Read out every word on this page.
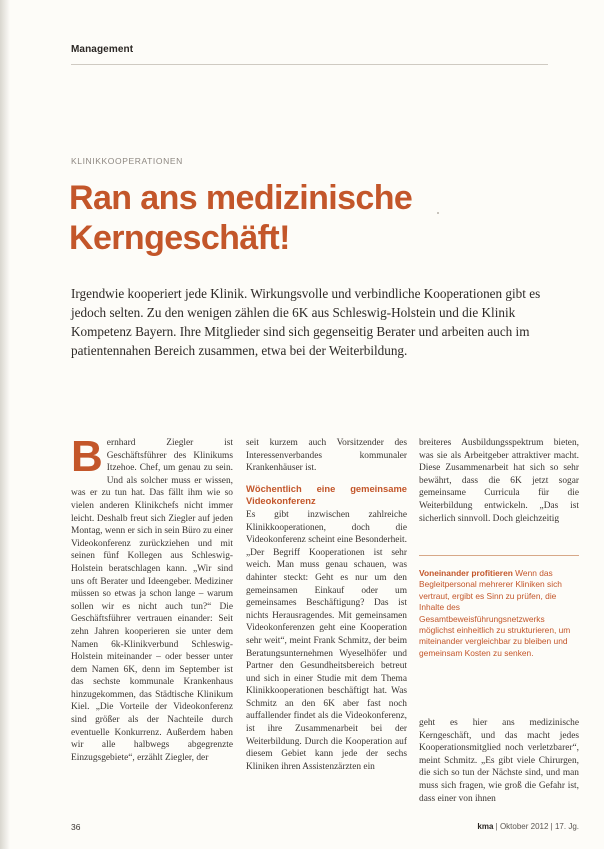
Management
KLINIKKOOPERATIONEN
Ran ans medizinische Kerngeschäft!

Irgendwie kooperiert jede Klinik. Wirkungsvolle und verbindliche Kooperationen gibt es jedoch selten. Zu den wenigen zählen die 6K aus Schleswig-Holstein und die Klinik Kompetenz Bayern. Ihre Mitglieder sind sich gegenseitig Berater und arbeiten auch im patientennahen Bereich zusammen, etwa bei der Weiterbildung.

B ernhard Ziegler ist Geschäftsführer des Klinikums Itzehoe. Chef, um genau zu sein. Und als solcher muss er wissen, was er zu tun hat. Das fällt ihm wie so vielen anderen Klinikchefs nicht immer leicht. Deshalb freut sich Ziegler auf jeden Montag, wenn er sich in sein Büro zu einer Videokonferenz zurückziehen und mit seinen fünf Kollegen aus Schleswig-Holstein beratschlagen kann. „Wir sind uns oft Berater und Ideengeber. Mediziner müssen so etwas ja schon lange – warum sollen wir es nicht auch tun?“ Die Geschäftsführer vertrauen einander: Seit zehn Jahren kooperieren sie unter dem Namen 6k-Klinikverbund Schleswig-Holstein miteinander – oder besser unter dem Namen 6K, denn im September ist das sechste kommunale Krankenhaus hinzugekommen, das Städtische Klinikum Kiel. „Die Vorteile der Videokonferenz sind größer als der Nachteile durch eventuelle Konkurrenz. Außerdem haben wir alle halbwegs abgegrenzte Einzugsgebiete“, erzählt Ziegler, der

seit kurzem auch Vorsitzender des Interessenverbandes kommunaler Krankenhäuser ist.

Wöchentlich eine gemeinsame Videokonferenz

Es gibt inzwischen zahlreiche Klinikkooperationen, doch die Videokonferenz scheint eine Besonderheit. „Der Begriff Kooperationen ist sehr weich. Man muss genau schauen, was dahinter steckt: Geht es nur um den gemeinsamen Einkauf oder um gemeinsames Beschäftigung? Das ist nichts Herausragendes. Mit gemeinsamen Videokonferenzen geht eine Kooperation sehr weit“, meint Frank Schmitz, der beim Beratungsunternehmen Wyeselhöfer und Partner den Gesundheitsbereich betreut und sich in einer Studie mit dem Thema Klinikkooperationen beschäftigt hat. Was Schmitz an den 6K aber fast noch auffallender findet als die Videokonferenz, ist ihre Zusammenarbeit bei der Weiterbildung. Durch die Kooperation auf diesem Gebiet kann jede der sechs Kliniken ihren Assistenzärzten ein

breiteres Ausbildungsspektrum bieten, was sie als Arbeitgeber attraktiver macht. Diese Zusammenarbeit hat sich so sehr bewährt, dass die 6K jetzt sogar gemeinsame Curricula für die Weiterbildung entwickeln. „Das ist sicherlich sinnvoll. Doch gleichzeitig
Voneinander profitieren Wenn das Begleitpersonal mehrerer Kliniken sich vertraut, ergibt es Sinn zu prüfen, die Inhalte des Gesamtbeweisführungsnetzwerks möglichst einheitlich zu strukturieren, um miteinander vergleichbar zu bleiben und gemeinsam Kosten zu senken.
geht es hier ans medizinische Kerngeschäft, und das macht jedes Kooperationsmitglied noch verletzbarer“, meint Schmitz. „Es gibt viele Chirurgen, die sich so tun der Nächste sind, und man muss sich fragen, wie groß die Gefahr ist, dass einer von ihnen
36	kma | Oktober 2012 | 17. Jg.
